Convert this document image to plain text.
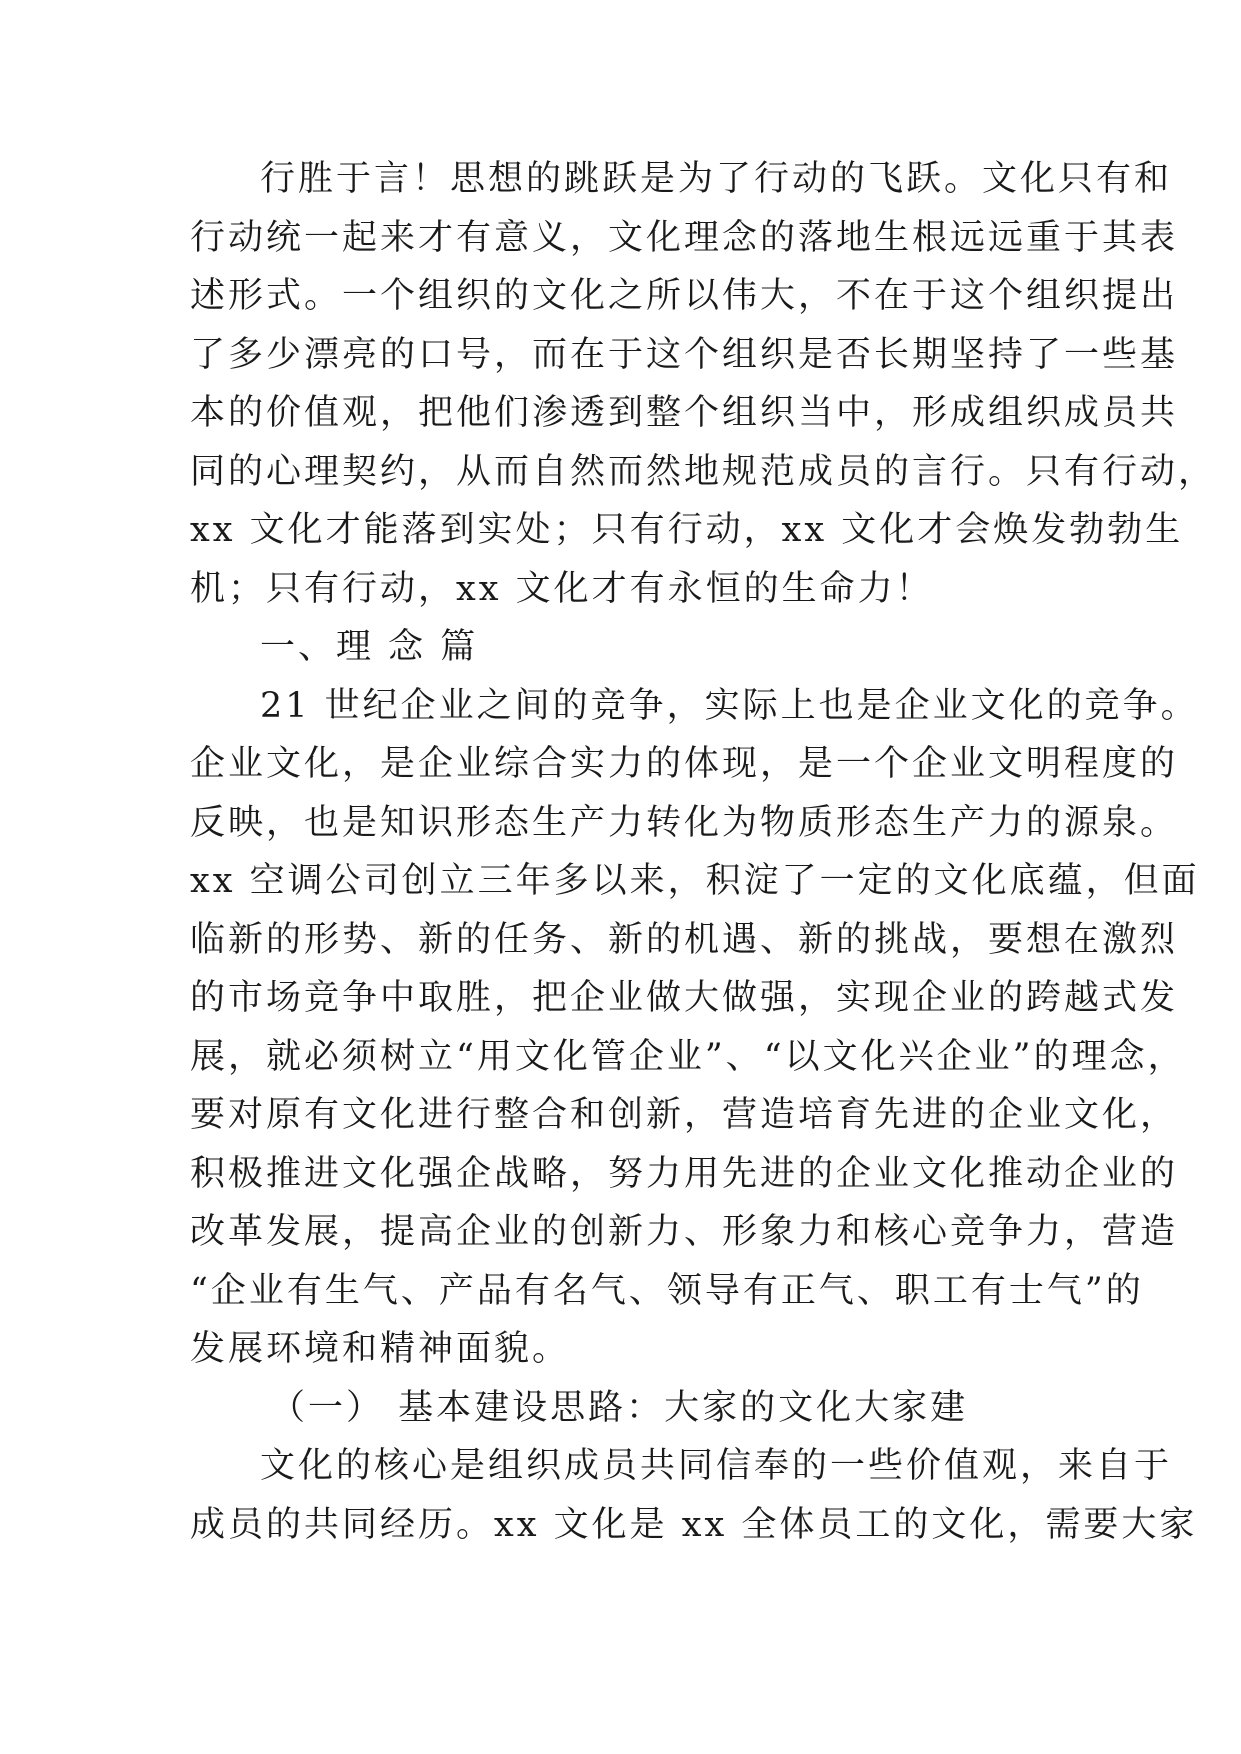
行胜于言！思想的跳跃是为了行动的飞跃。文化只有和
行动统一起来才有意义，文化理念的落地生根远远重于其表
述形式。一个组织的文化之所以伟大，不在于这个组织提出
了多少漂亮的口号，而在于这个组织是否长期坚持了一些基
本的价值观，把他们渗透到整个组织当中，形成组织成员共
同的心理契约，从而自然而然地规范成员的言行。只有行动，
xx 文化才能落到实处；只有行动，xx 文化才会焕发勃勃生
机；只有行动，xx 文化才有永恒的生命力！
一、理 念 篇
21 世纪企业之间的竞争，实际上也是企业文化的竞争。
企业文化，是企业综合实力的体现，是一个企业文明程度的
反映，也是知识形态生产力转化为物质形态生产力的源泉。
xx 空调公司创立三年多以来，积淀了一定的文化底蕴，但面
临新的形势、新的任务、新的机遇、新的挑战，要想在激烈
的市场竞争中取胜，把企业做大做强，实现企业的跨越式发
展，就必须树立“用文化管企业”、“以文化兴企业”的理念，
要对原有文化进行整合和创新，营造培育先进的企业文化，
积极推进文化强企战略，努力用先进的企业文化推动企业的
改革发展，提高企业的创新力、形象力和核心竞争力，营造
“企业有生气、产品有名气、领导有正气、职工有士气”的
发展环境和精神面貌。
（一） 基本建设思路：大家的文化大家建
文化的核心是组织成员共同信奉的一些价值观，来自于
成员的共同经历。xx 文化是 xx 全体员工的文化，需要大家
